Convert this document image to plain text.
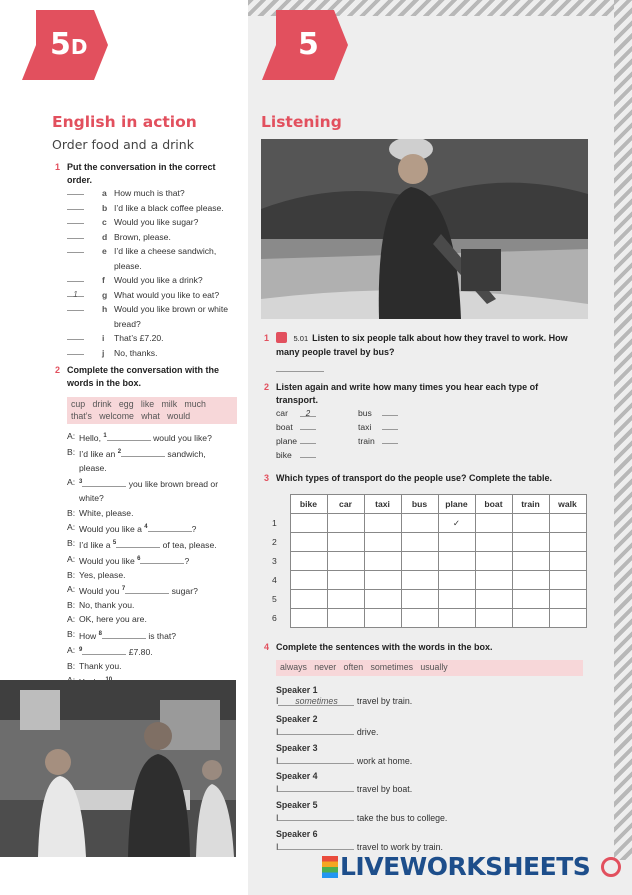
5D	5
English in action
Order food and a drink
1 Put the conversation in the correct order.
a How much is that?
b I’d like a black coffee please.
c Would you like sugar?
d Brown, please.
e I’d like a cheese sandwich,
please.
f	Would you like a drink?
1	g What would you like to eat?
h Would you like brown or white
bread?
i	That’s £7.20.
j	No, thanks.
2 Complete the conversation with the words in the box.
cup   drink   egg   like   milk   much
that’s   welcome   what   would
A: Hello, $^1$	would you like?
B: I’d like an $^2$	sandwich,
please.
A: $^3$	you like brown bread or
white?
B: White, please.
A: Would you like a $^4$	?
B: I’d like a $^5$	of tea, please.
A: Would you like $^6$	?
B: Yes, please.
A: Would you $^7$	sugar?
B: No, thank you.
A: OK, here you are.
B: How $^8$	is that?
A: $^9$	£7.80.
B: Thank you.
Listening
1	5.01 Listen to six people talk about how they travel to work. How many people travel by bus?
2 Listen again and write how many times you hear each type of transport.
car 2
boat
plane
bike
bus
taxi
train
3 Which types of transport do the people use? Complete the table.
	bike	car	taxi	bus	plane	boat	train	walk
1					✓			
2								
3								
4								
5								
6								
4 Complete the sentences with the words in the box.
always   never   often   sometimes   usually
Speaker 1
I sometimes travel by train.
Speaker 2
I	drive.
Speaker 3
I	work at home.
Speaker 4
I	travel by boat.
Speaker 5
I	take the bus to college.
Speaker 6
I	travel to work by train.
LIVEWORKSHEETS
